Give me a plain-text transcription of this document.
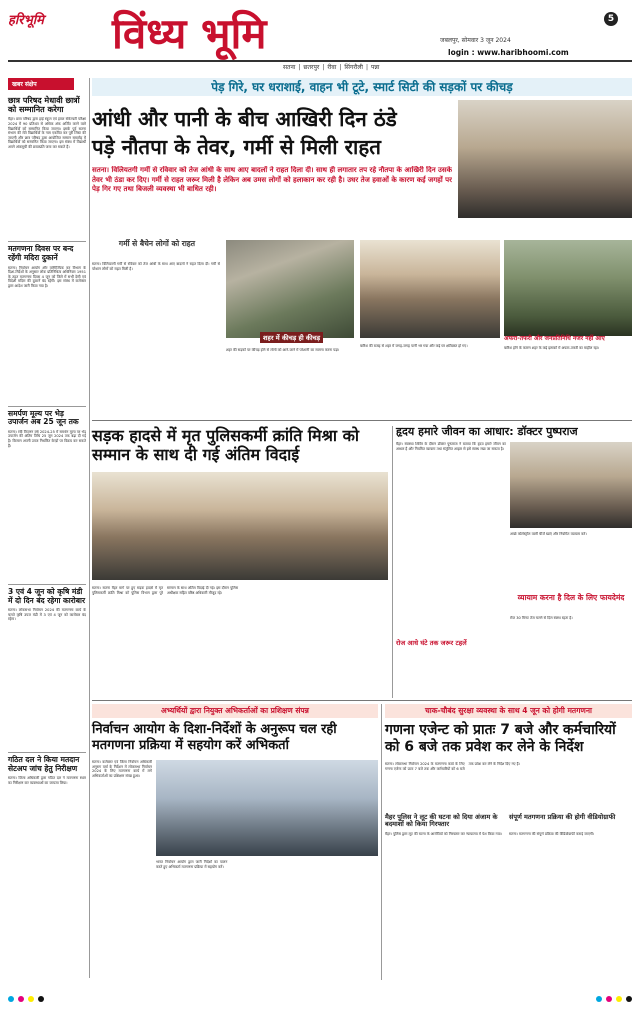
हरिभूमि विंध्य भूमि	5
जबलपुर, सोमवार 3 जून 2024
login : www.haribhoomi.com
सतना | छतरपुर | रीवा | सिंगरौली | पन्ना
खबर संक्षेप
छात्र परिषद मेधावी छात्रों को सम्मानित करेगा
मैहर। छात्र परिषद द्वारा हाई स्कूल एवं हायर सेकेण्डरी परीक्षा 2024 में 90 प्रतिशत से अधिक अंक अर्जित करने वाले विद्यार्थियों को सम्मानित किया जाएगा। इसके पूर्व सतना संभाग की रोते विद्यार्थियों के नाम एकत्रित कर पूरी लिस्ट की जाएगी और छात्र परिषद द्वारा आयोजित सम्मान समारोह में विद्यार्थियों को सम्मानित किया जाएगा। इस संबंध में विद्यार्थी अपने अंकसूची की छायाप्रति जमा कर सकते हैं।
मतगणना दिवस पर बन्द रहेंगी मदिरा दुकानें
सतना। निर्वाचन आयोग और वाणिज्यिक कर विभाग के दिशा-निर्देशों के अनुसार लोक प्रतिनिधित्व अधिनियम 1951 के तहत मतगणना दिवस 4 जून को जिले में सभी देसी एवं विदेशी मदिरा की दुकानें बंद रहेंगी। इस संबंध में कलेक्टर द्वारा आदेश जारी किया गया है।
समर्पण मूल्य पर भेड़ उपार्जन अब 25 जून तक
सतना। रबी विपणन वर्ष 2024-25 में समर्थन मूल्य पर भेड़ उपार्जन की अंतिम तिथि 25 जून 2024 तक बढ़ा दी गई है। किसान अपनी उपज निर्धारित केन्द्रों पर विक्रय कर सकते हैं।
3 एवं 4 जून को कृषि मंडी में दो दिन बंद रहेगा कारोबार
सतना। लोकसभा निर्वाचन 2024 की मतगणना कार्य के चलते कृषि उपज मंडी में 3 एवं 4 जून को कारोबार बंद रहेगा।
गठित दल ने किया मतदान सेटअप जांच हेतु निरीक्षण
सतना। जिला अधिकारी द्वारा गठित दल ने मतगणना स्थल का निरीक्षण कर व्यवस्थाओं का जायजा लिया।
पेड़ गिरे, घर धराशाई, वाहन भी टूटे, स्मार्ट सिटी की सड़कों पर कीचड़
आंधी और पानी के बीच आखिरी दिन ठंडे
पड़े नौतपा के तेवर, गर्मी से मिली राहत
सतना। विलियतगी गर्मी से रविवार को तेज आंधी के साथ आए बादलों ने राहत दिला दी। साथ ही लगातार तप रहे नौतपा के आखिरी दिन उसके तेवर भी ठंडा कर दिए। गर्मी से राहत जरूर मिली है लेकिन अब उमस लोगों को हलाकान कर रही है। उधर तेज हवाओं के कारण कई जगहों पर पेड़ गिर गए तथा बिजली व्यवस्था भी बाधित रही।
गर्मी से बैचेन लोगों को राहत
सतना। विलियतगी गर्मी से रविवार को तेज आंधी के साथ आए बादलों ने राहत दिला दी। गर्मी से परेशान लोगों को राहत मिली है।
शहर में कीचड़ ही कीचड़
शहर की सड़कों पर कीचड़ होने से लोगों को आने-जाने में परेशानी का सामना करना पड़ा।
बारिश की बजह से शहर में जगह-जगह पानी भर गया और कई घर क्षतिग्रस्त हो गए।
अफरा-तफरी और जनप्रतिनिधि नजर नहीं आए
बारिश होने के कारण शहर के कई इलाकों में अफरा-तफरी का माहौल रहा।
सड़क हादसे में मृत पुलिसकर्मी क्रांति मिश्रा को सम्मान के साथ दी गई अंतिम विदाई
सतना। सतना मैहर मार्ग पर हुए सड़क हादसे में मृत पुलिसकर्मी क्रांति मिश्रा को पुलिस विभाग द्वारा पूरे सम्मान के साथ अंतिम विदाई दी गई। इस दौरान पुलिस अधीक्षक सहित वरिष्ठ अधिकारी मौजूद रहे।
हृदय हमारे जीवन का आधार: डॉक्टर पुष्पराज
मैहर। स्वास्थ्य शिविर के दौरान डॉक्टर पुष्पराज ने बताया कि हृदय हमारे जीवन का आधार है और नियमित व्यायाम तथा संतुलित आहार से इसे स्वस्थ रखा जा सकता है।
अच्छे कोलेस्ट्रॉल वाली चीजें खाएं और नियमित व्यायाम करें।
व्यायाम करना है दिल के लिए फायदेमंद
रोज 30 मिनट तेज चलने से दिल स्वस्थ रहता है।
रोज आधे घंटे तक जरूर टहलें
अभ्यर्थियों द्वारा नियुक्त अभिकर्ताओं का प्रशिक्षण संपन्न
निर्वाचन आयोग के दिशा-निर्देशों के अनुरूप चल रही मतगणना प्रक्रिया में सहयोग करें अभिकर्ता
सतना। कलेक्टर एवं जिला निर्वाचन अधिकारी अनुराग वर्मा के निर्देशन में लोकसभा निर्वाचन 2024 के लिए मतगणना कार्य में लगे अभिकर्ताओं का प्रशिक्षण संपन्न हुआ।
भारत निर्वाचन आयोग द्वारा जारी निर्देशों का पालन करते हुए अभिकर्ता मतगणना प्रक्रिया में सहयोग करें।
चाक-चौबंद सुरक्षा व्यवस्था के साथ 4 जून को होगी मतगणना
गणना एजेन्ट को प्रातः 7 बजे और कर्मचारियों को 6 बजे तक प्रवेश कर लेने के निर्देश
सतना। लोकसभा निर्वाचन 2024 के मतगणना कार्य के लिए गणना एजेन्ट को प्रातः 7 बजे तक और कर्मचारियों को 6 बजे तक प्रवेश कर लेने के निर्देश दिए गए हैं।
मैहर पुलिस ने लूट की घटना को दिया अंजाम के बदमाशों को किया गिरफ्तार
मैहर। पुलिस द्वारा लूट की घटना के आरोपियों को गिरफ्तार कर न्यायालय में पेश किया गया।
संपूर्ण मतगणना प्रक्रिया की होगी वीडियोग्राफी
सतना। मतगणना की संपूर्ण प्रक्रिया की वीडियोग्राफी कराई जाएगी।
